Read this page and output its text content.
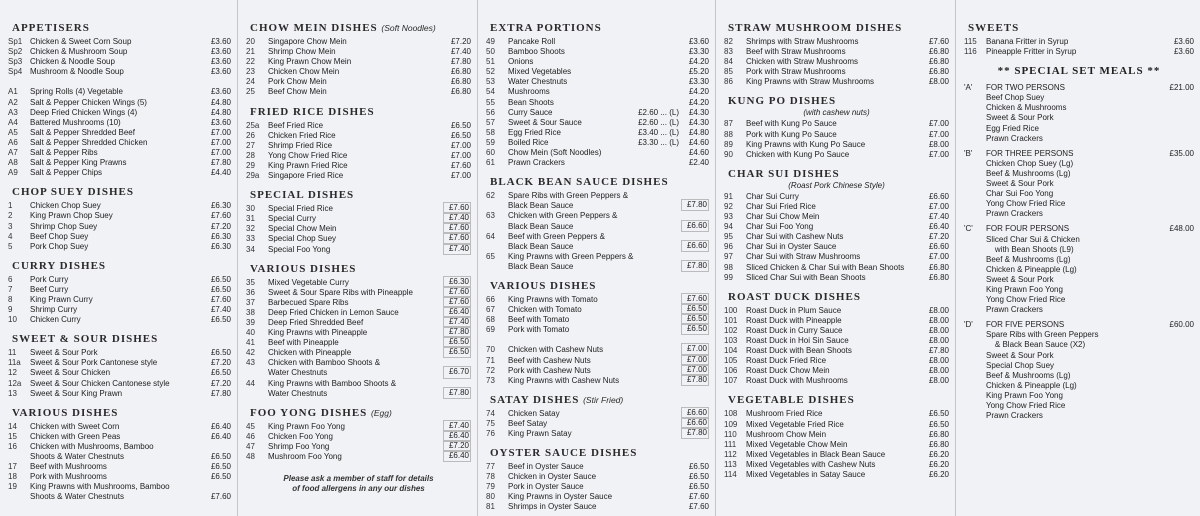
APPETISERS
Sp1 Chicken & Sweet Corn Soup	£3.60
Sp2 Chicken & Mushroom Soup	£3.60
Sp3 Chicken & Noodle Soup	£3.60
Sp4 Mushroom & Noodle Soup	£3.60
A1	Spring Rolls (4) Vegetable	£3.60
A2	Salt & Pepper Chicken Wings (5)	£4.80
A3	Deep Fried Chicken Wings (4)	£4.80
A4	Battered Mushrooms (10)	£3.60
A5	Salt & Pepper Shredded Beef	£7.00
A6	Salt & Pepper Shredded Chicken	£7.00
A7	Salt & Pepper Ribs	£7.00
A8	Salt & Pepper King Prawns	£7.80
A9	Salt & Pepper Chips	£4.40
CHOP SUEY DISHES
1	Chicken Chop Suey	£6.30
2	King Prawn Chop Suey	£7.60
3	Shrimp Chop Suey	£7.20
4	Beef Chop Suey	£6.30
5	Pork Chop Suey	£6.30
CURRY DISHES
6	Pork Curry	£6.50
7	Beef Curry	£6.50
8	King Prawn Curry	£7.60
9	Shrimp Curry	£7.40
10	Chicken Curry	£6.50
SWEET & SOUR DISHES
11	Sweet & Sour Pork	£6.50
11a	Sweet & Sour Pork Cantonese style	£7.20
12	Sweet & Sour Chicken	£6.50
12a	Sweet & Sour Chicken Cantonese style	£7.20
13	Sweet & Sour King Prawn	£7.80
VARIOUS DISHES
14	Chicken with Sweet Corn	£6.40
15	Chicken with Green Peas	£6.40
16	Chicken with Mushrooms, Bamboo
Shoots & Water Chestnuts	£6.50
17	Beef with Mushrooms	£6.50
18	Pork with Mushrooms	£6.50
19	King Prawns with Mushrooms, Bamboo
Shoots & Water Chestnuts	£7.60
CHOW MEIN DISHES (Soft Noodles)
20	Singapore Chow Mein	£7.20
21	Shrimp Chow Mein	£7.40
22	King Prawn Chow Mein	£7.80
23	Chicken Chow Mein	£6.80
24	Pork Chow Mein	£6.80
25	Beef Chow Mein	£6.80
FRIED RICE DISHES
25a	Beef Fried Rice	£6.50
26	Chicken Fried Rice	£6.50
27	Shrimp Fried Rice	£7.00
28	Yong Chow Fried Rice	£7.00
29	King Prawn Fried Rice	£7.60
29a	Singapore Fried Rice	£7.00
SPECIAL DISHES
30	Special Fried Rice	£7.60
31	Special Curry	£7.40
32	Special Chow Mein	£7.60
33	Special Chop Suey	£7.60
34	Special Foo Yong	£7.40
VARIOUS DISHES
35	Mixed Vegetable Curry	£6.30
36	Sweet & Sour Spare Ribs with Pineapple	£7.60
37	Barbecued Spare Ribs	£7.60
38	Deep Fried Chicken in Lemon Sauce	£6.40
39	Deep Fried Shredded Beef	£7.40
40	King Prawns with Pineapple	£7.80
41	Beef with Pineapple	£6.50
42	Chicken with Pineapple	£6.50
43	Chicken with Bamboo Shoots &
Water Chestnuts	£6.70
44	King Prawns with Bamboo Shoots &
Water Chestnuts	£7.80
FOO YONG DISHES (Egg)
45	King Prawn Foo Yong	£7.40
46	Chicken Foo Yong	£6.40
47	Shrimp Foo Yong	£7.20
48	Mushroom Foo Yong	£6.40
Please ask a member of staff for details
of food allergens in any our dishes
EXTRA PORTIONS
49	Pancake Roll	£3.60
50	Bamboo Shoots	£3.30
51	Onions	£4.20
52	Mixed Vegetables	£5.20
53	Water Chestnuts	£3.30
54	Mushrooms	£4.20
55	Bean Shoots	£4.20
56	Curry Sauce	£2.60 ... (L)	£4.30
57	Sweet & Sour Sauce	£2.60 ... (L)	£4.30
58	Egg Fried Rice	£3.40 ... (L)	£4.80
59	Boiled Rice	£3.30 ... (L)	£4.60
60	Chow Mein (Soft Noodles)	£4.60
61	Prawn Crackers	£2.40
BLACK BEAN SAUCE DISHES
62	Spare Ribs with Green Peppers &
Black Bean Sauce	£7.80
63	Chicken with Green Peppers &
Black Bean Sauce	£6.60
64	Beef with Green Peppers &
Black Bean Sauce	£6.60
65	King Prawns with Green Peppers &
Black Bean Sauce	£7.80
VARIOUS DISHES
66	King Prawns with Tomato	£7.60
67	Chicken with Tomato	£6.50
68	Beef with Tomato	£6.50
69	Pork with Tomato	£6.50
70	Chicken with Cashew Nuts	£7.00
71	Beef with Cashew Nuts	£7.00
72	Pork with Cashew Nuts	£7.00
73	King Prawns with Cashew Nuts	£7.80
SATAY DISHES (Stir Fried)
74	Chicken Satay	£6.60
75	Beef Satay	£6.60
76	King Prawn Satay	£7.80
OYSTER SAUCE DISHES
77	Beef in Oyster Sauce	£6.50
78	Chicken in Oyster Sauce	£6.50
79	Pork in Oyster Sauce	£6.50
80	King Prawns in Oyster Sauce	£7.60
81	Shrimps in Oyster Sauce	£7.60
STRAW MUSHROOM DISHES
82	Shrimps with Straw Mushrooms	£7.60
83	Beef with Straw Mushrooms	£6.80
84	Chicken with Straw Mushrooms	£6.80
85	Pork with Straw Mushrooms	£6.80
86	King Prawns with Straw Mushrooms	£8.00
KUNG PO DISHES
(with cashew nuts)
87	Beef with Kung Po Sauce	£7.00
88	Pork with Kung Po Sauce	£7.00
89	King Prawns with Kung Po Sauce	£8.00
90	Chicken with Kung Po Sauce	£7.00
CHAR SUI DISHES
(Roast Pork Chinese Style)
91	Char Sui Curry	£6.60
92	Char Sui Fried Rice	£7.00
93	Char Sui Chow Mein	£7.40
94	Char Sui Foo Yong	£6.40
95	Char Sui with Cashew Nuts	£7.20
96	Char Sui in Oyster Sauce	£6.60
97	Char Sui with Straw Mushrooms	£7.00
98	Sliced Chicken & Char Sui with Bean Shoots	£6.80
99	Sliced Char Sui with Bean Shoots	£6.80
ROAST DUCK DISHES
100	Roast Duck in Plum Sauce	£8.00
101	Roast Duck with Pineapple	£8.00
102	Roast Duck in Curry Sauce	£8.00
103	Roast Duck in Hoi Sin Sauce	£8.00
104	Roast Duck with Bean Shoots	£7.80
105	Roast Duck Fried Rice	£8.00
106	Roast Duck Chow Mein	£8.00
107	Roast Duck with Mushrooms	£8.00
VEGETABLE DISHES
108	Mushroom Fried Rice	£6.50
109	Mixed Vegetable Fried Rice	£6.50
110	Mushroom Chow Mein	£6.80
111	Mixed Vegetable Chow Mein	£6.80
112	Mixed Vegetables in Black Bean Sauce	£6.20
113	Mixed Vegetables with Cashew Nuts	£6.20
114	Mixed Vegetables in Satay Sauce	£6.20
SWEETS
115	Banana Fritter in Syrup	£3.60
116	Pineapple Fritter in Syrup	£3.60
** SPECIAL SET MEALS **
'A'	FOR TWO PERSONS	£21.00
Beef Chop Suey
Chicken & Mushrooms
Sweet & Sour Pork
Egg Fried Rice
Prawn Crackers
'B'	FOR THREE PERSONS	£35.00
Chicken Chop Suey (Lg)
Beef & Mushrooms (Lg)
Sweet & Sour Pork
Char Sui Foo Yong
Yong Chow Fried Rice
Prawn Crackers
'C'	FOR FOUR PERSONS	£48.00
Sliced Char Sui & Chicken
with Bean Shoots (L9)
Beef & Mushrooms (Lg)
Chicken & Pineapple (Lg)
Sweet & Sour Pork
King Prawn Foo Yong
Yong Chow Fried Rice
Prawn Crackers
'D'	FOR FIVE PERSONS	£60.00
Spare Ribs with Green Peppers
& Black Bean Sauce (X2)
Sweet & Sour Pork
Special Chop Suey
Beef & Mushrooms (Lg)
Chicken & Pineapple (Lg)
King Prawn Foo Yong
Yong Chow Fried Rice
Prawn Crackers
